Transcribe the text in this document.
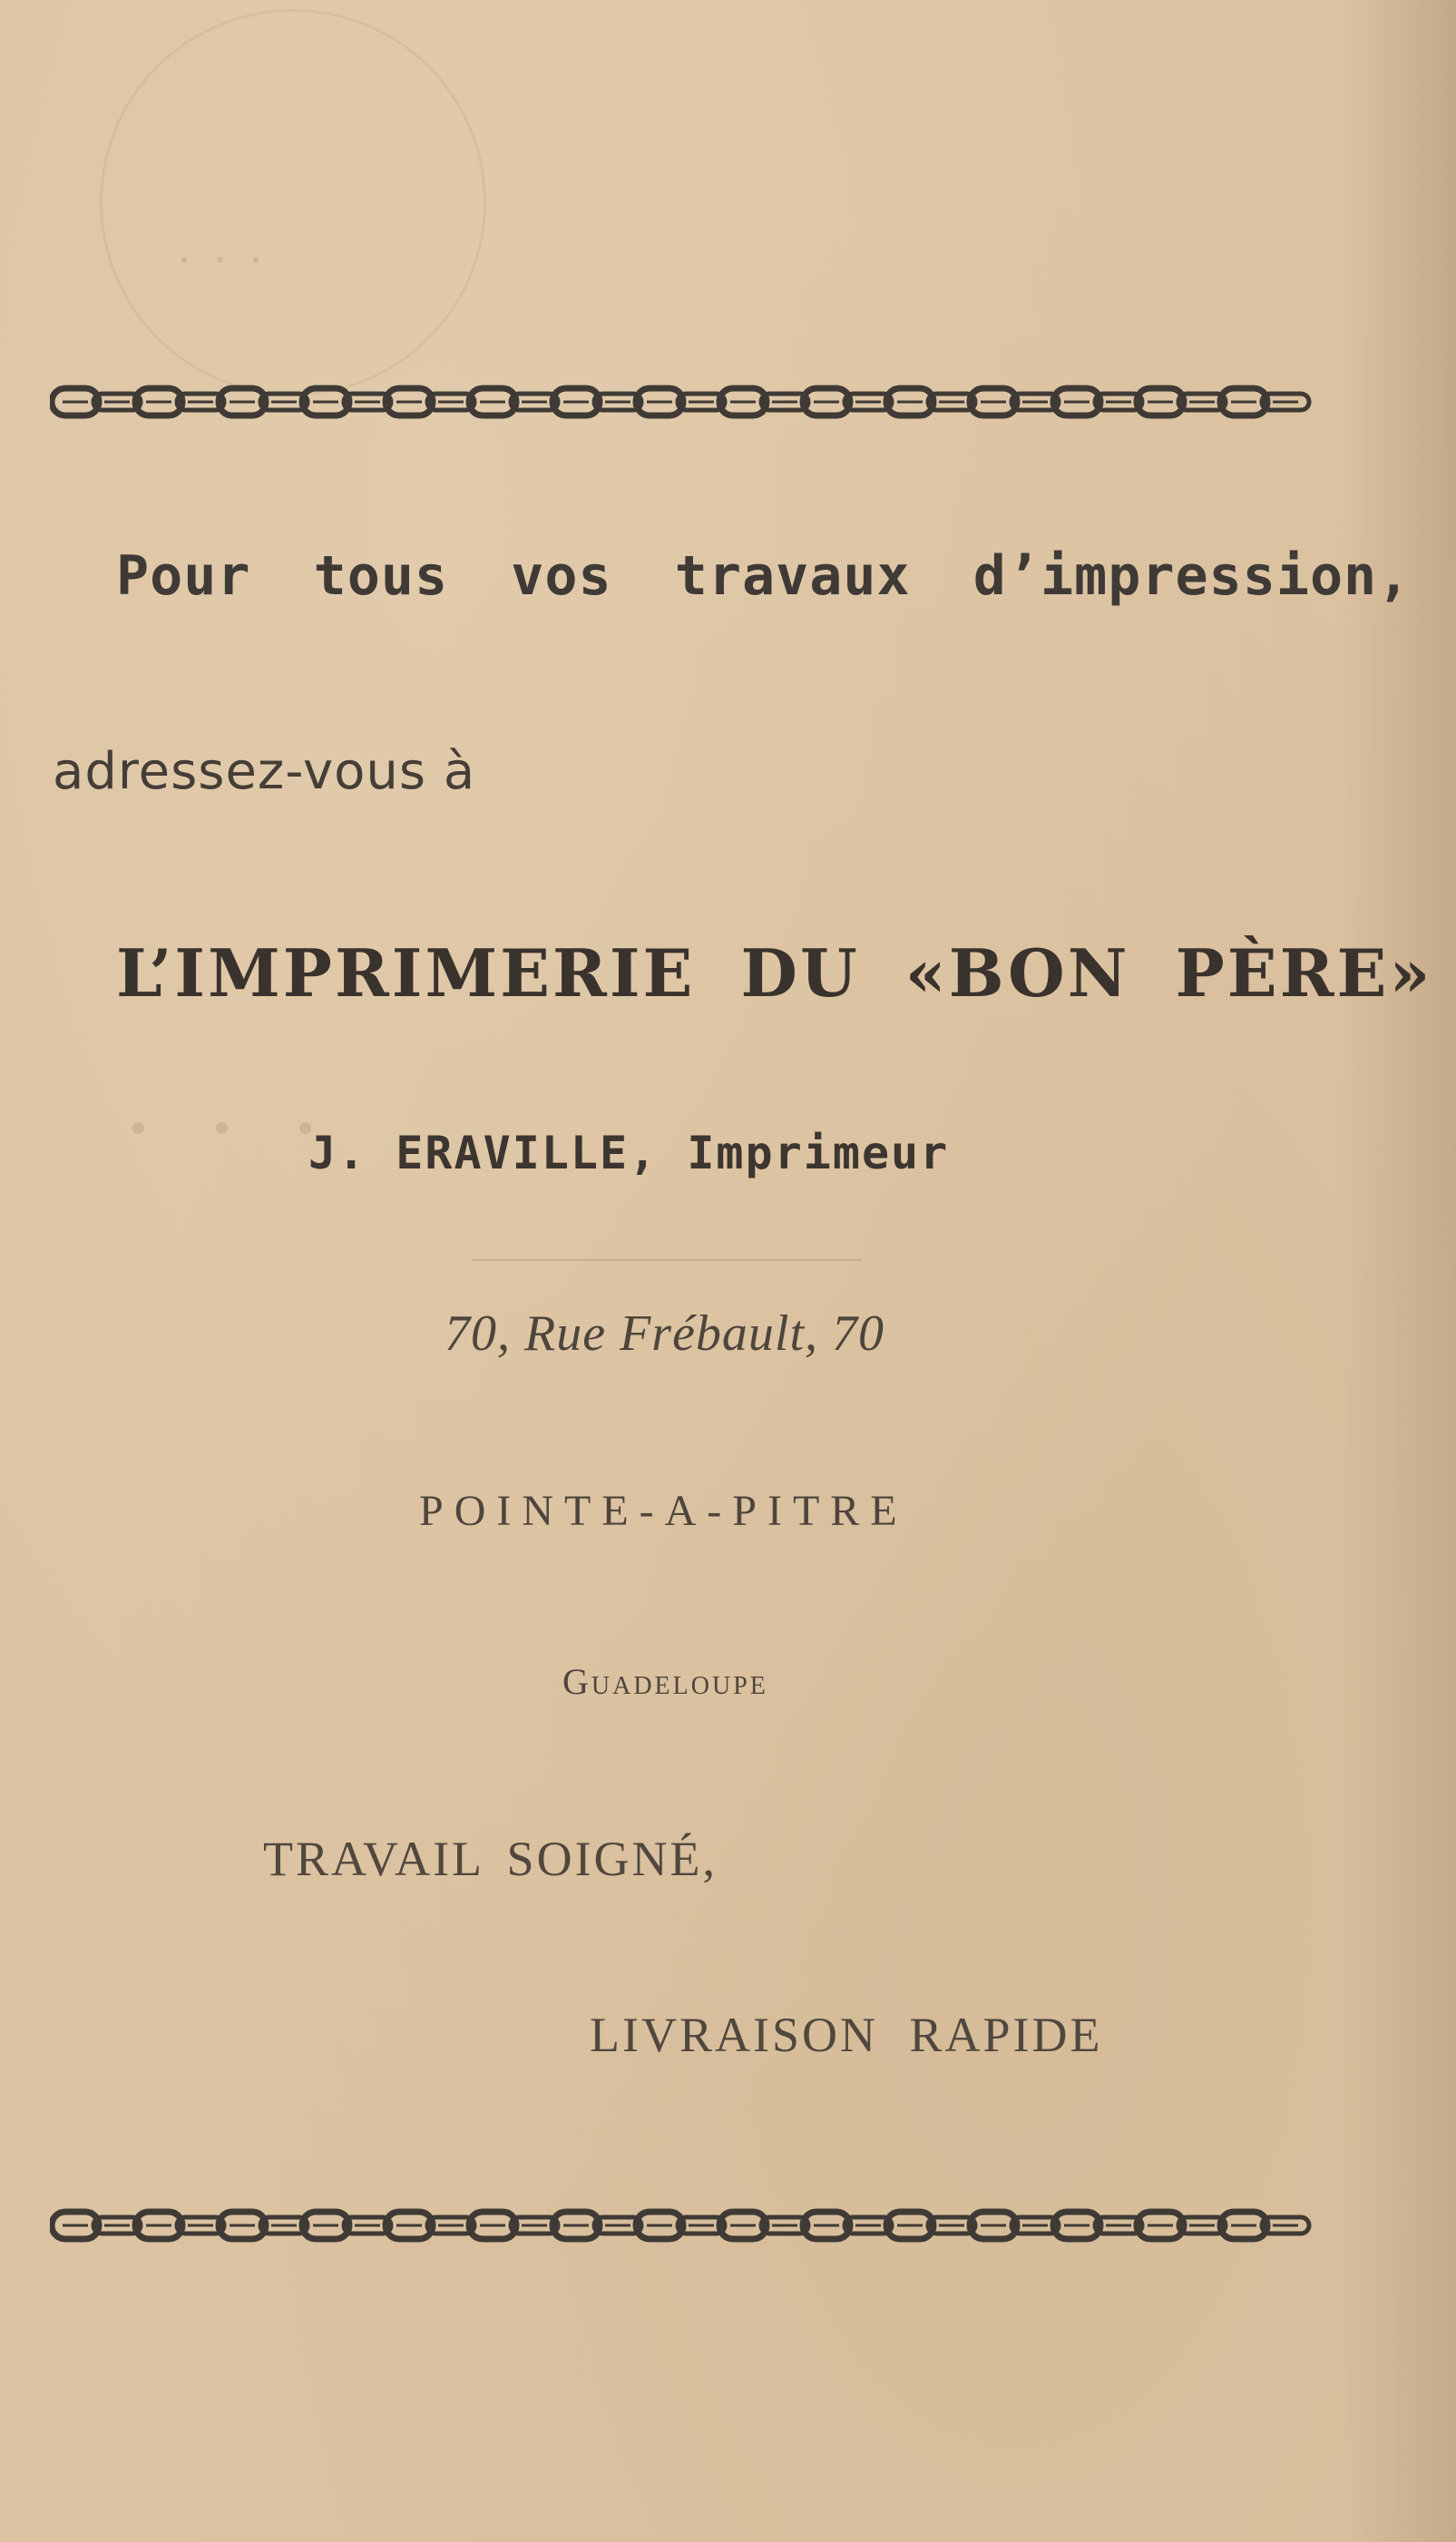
· · ·
· · ·

Pour tous vos travaux d’impression,

adressez-vous à

L’IMPRIMERIE DU «BON PÈRE»

J. ERAVILLE, Imprimeur

70, Rue Frébault, 70

POINTE-A-PITRE

Guadeloupe

TRAVAIL SOIGNÉ,

LIVRAISON RAPIDE
